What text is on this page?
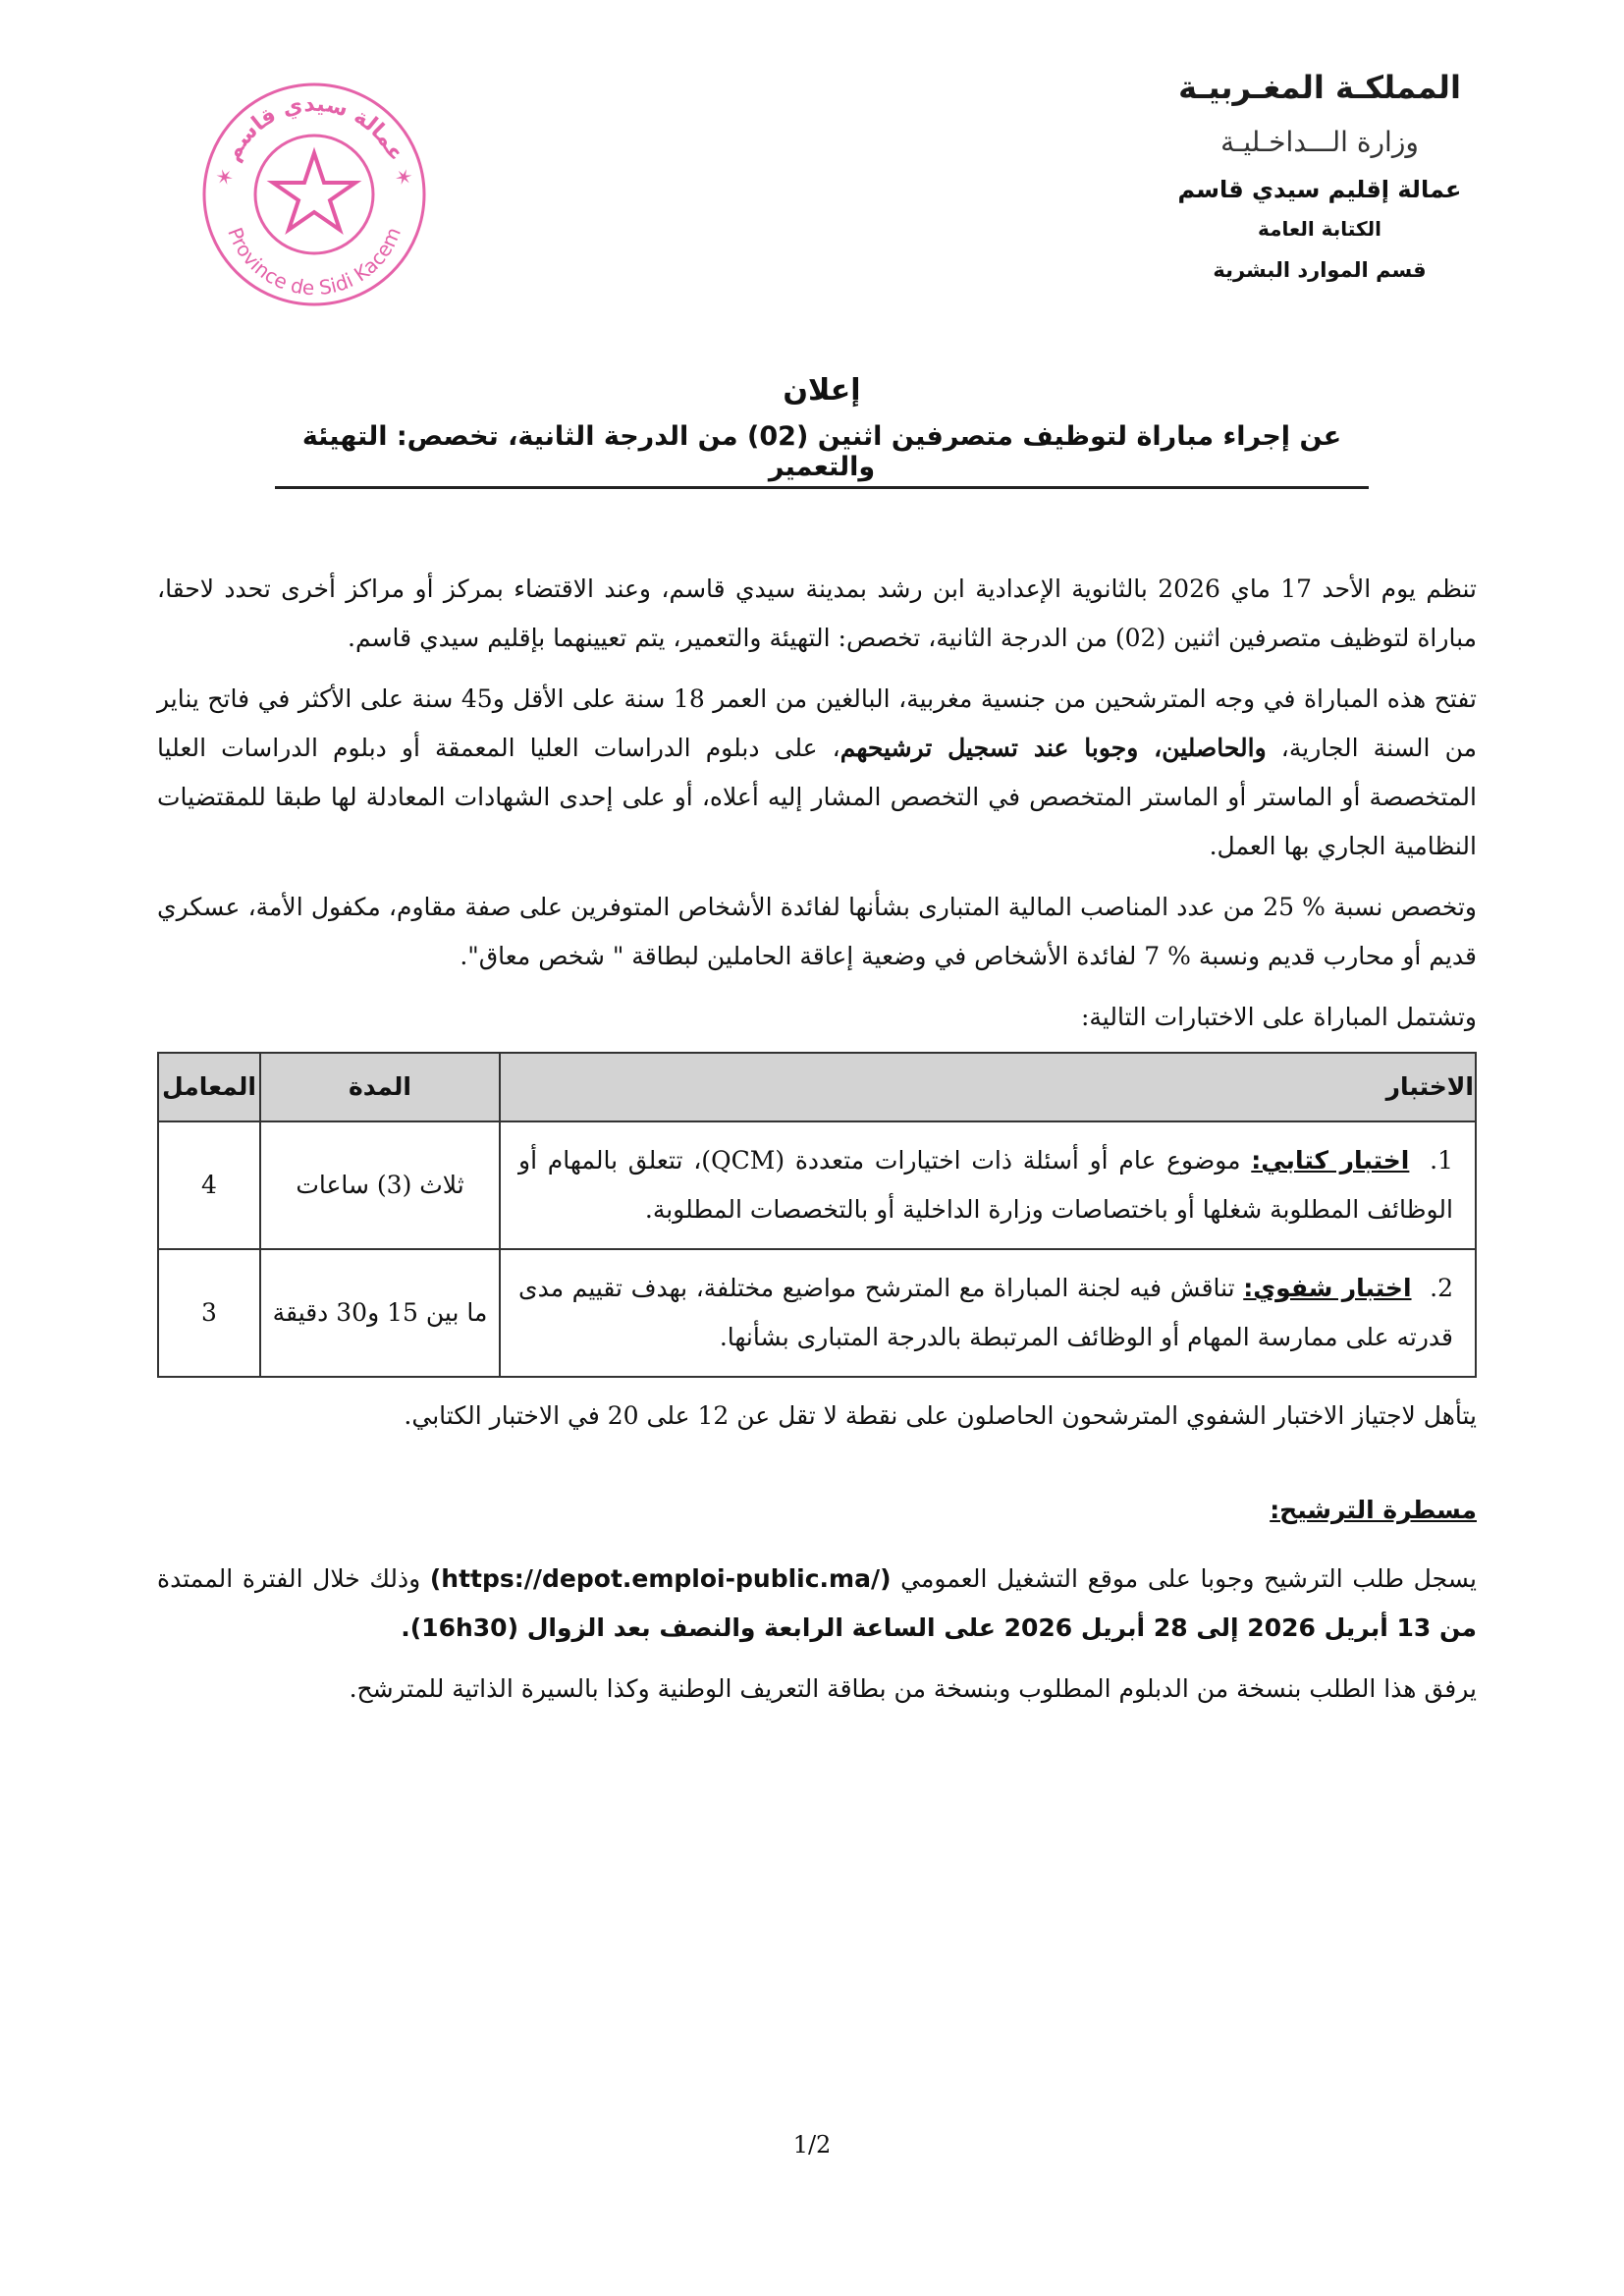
المملكـة المغـربيـة

وزارة الـــداخـليـة

عمالة إقليم سيدي قاسم

الكتابة العامة

قسم الموارد البشرية

✶ عمالة سيدي قاسم ✶
Province de Sidi Kacem

إعلان

عن إجراء مباراة لتوظيف متصرفين اثنين (02) من الدرجة الثانية، تخصص: التهيئة والتعمير

تنظم يوم الأحد 17 ماي 2026 بالثانوية الإعدادية ابن رشد بمدينة سيدي قاسم، وعند الاقتضاء بمركز أو مراكز أخرى تحدد لاحقا، مباراة لتوظيف متصرفين اثنين (02) من الدرجة الثانية، تخصص: التهيئة والتعمير، يتم تعيينهما بإقليم سيدي قاسم.

تفتح هذه المباراة في وجه المترشحين من جنسية مغربية، البالغين من العمر 18 سنة على الأقل و45 سنة على الأكثر في فاتح يناير من السنة الجارية، والحاصلين، وجوبا عند تسجيل ترشيحهم، على دبلوم الدراسات العليا المعمقة أو دبلوم الدراسات العليا المتخصصة أو الماستر أو الماستر المتخصص في التخصص المشار إليه أعلاه، أو على إحدى الشهادات المعادلة لها طبقا للمقتضيات النظامية الجاري بها العمل.

وتخصص نسبة % 25 من عدد المناصب المالية المتبارى بشأنها لفائدة الأشخاص المتوفرين على صفة مقاوم، مكفول الأمة، عسكري قديم أو محارب قديم ونسبة % 7 لفائدة الأشخاص في وضعية إعاقة الحاملين لبطاقة " شخص معاق".

وتشتمل المباراة على الاختبارات التالية:

الاختبار	المدة	المعامل
1. اختبار كتابي: موضوع عام أو أسئلة ذات اختيارات متعددة (QCM)، تتعلق بالمهام أو الوظائف المطلوبة شغلها أو باختصاصات وزارة الداخلية أو بالتخصصات المطلوبة.	ثلاث (3) ساعات	4
2. اختبار شفوي: تناقش فيه لجنة المباراة مع المترشح مواضيع مختلفة، بهدف تقييم مدى قدرته على ممارسة المهام أو الوظائف المرتبطة بالدرجة المتبارى بشأنها.	ما بين 15 و30 دقيقة	3

يتأهل لاجتياز الاختبار الشفوي المترشحون الحاصلون على نقطة لا تقل عن 12 على 20 في الاختبار الكتابي.

مسطرة الترشيح:

يسجل طلب الترشيح وجوبا على موقع التشغيل العمومي (https://depot.emploi-public.ma/) وذلك خلال الفترة الممتدة من 13 أبريل 2026 إلى 28 أبريل 2026 على الساعة الرابعة والنصف بعد الزوال (16h30).

يرفق هذا الطلب بنسخة من الدبلوم المطلوب وبنسخة من بطاقة التعريف الوطنية وكذا بالسيرة الذاتية للمترشح.

1/2
